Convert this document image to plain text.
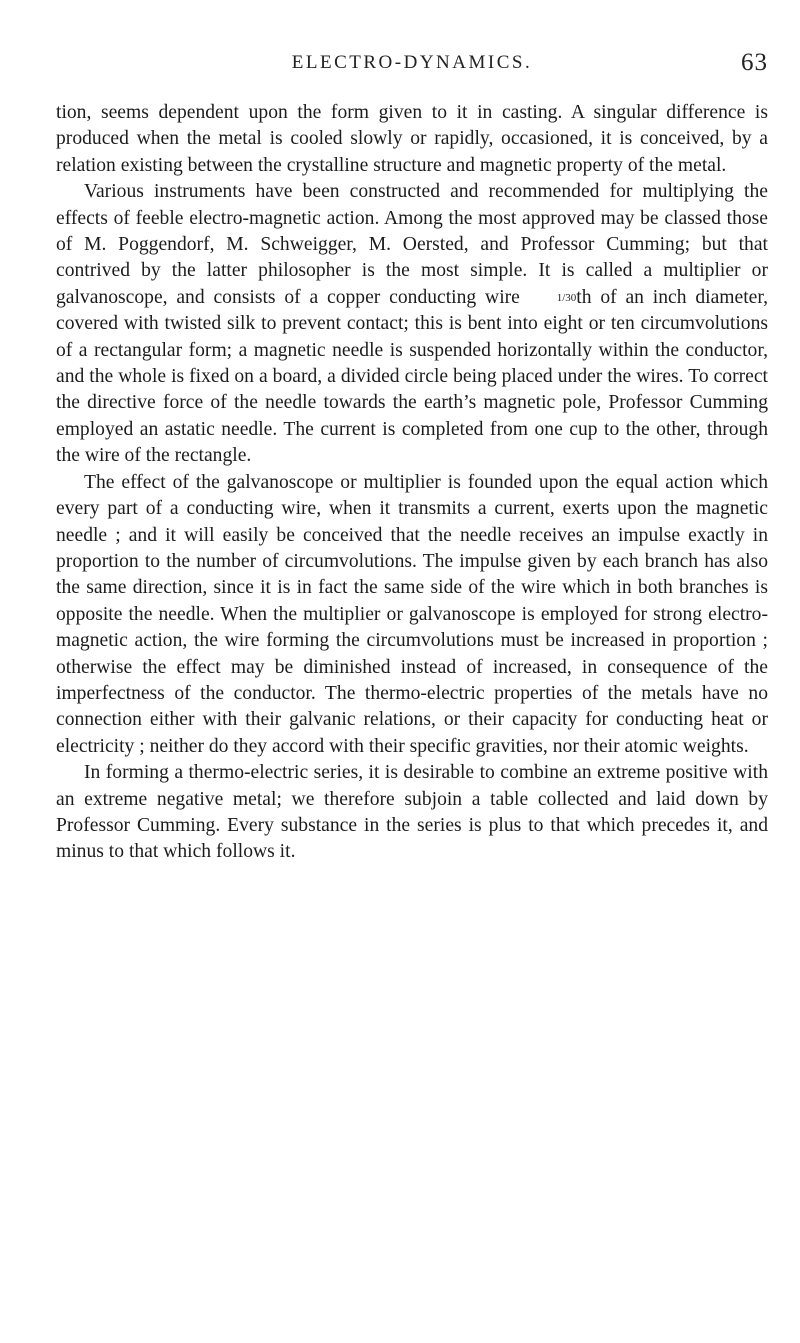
ELECTRO-DYNAMICS.	63

tion, seems dependent upon the form given to it in casting. A singular difference is produced when the metal is cooled slowly or rapidly, occasioned, it is conceived, by a relation existing between the crystalline structure and magnetic property of the metal.

Various instruments have been constructed and recommended for multiplying the effects of feeble electro-magnetic action. Among the most approved may be classed those of M. Poggendorf, M. Schweigger, M. Oersted, and Professor Cumming; but that contrived by the latter philosopher is the most simple. It is called a multiplier or galvanoscope, and consists of a copper conducting wire	1/30th of an inch diameter, covered with twisted silk to prevent contact; this is bent into eight or ten circumvolutions of a rectangular form; a magnetic needle is suspended horizontally within the conductor, and the whole is fixed on a board, a divided circle being placed under the wires. To correct the directive force of the needle towards the earth’s magnetic pole, Professor Cumming employed an astatic needle. The current is completed from one cup to the other, through the wire of the rectangle.

The effect of the galvanoscope or multiplier is founded upon the equal action which every part of a conducting wire, when it transmits a current, exerts upon the magnetic needle ; and it will easily be conceived that the needle receives an impulse exactly in proportion to the number of circumvolutions. The impulse given by each branch has also the same direction, since it is in fact the same side of the wire which in both branches is opposite the needle. When the multiplier or galvanoscope is employed for strong electro-magnetic action, the wire forming the circumvolutions must be increased in proportion ; otherwise the effect may be diminished instead of increased, in consequence of the imperfectness of the conductor. The thermo-electric properties of the metals have no connection either with their galvanic relations, or their capacity for conducting heat or electricity ; neither do they accord with their specific gravities, nor their atomic weights.

In forming a thermo-electric series, it is desirable to combine an extreme positive with an extreme negative metal; we therefore subjoin a table collected and laid down by Professor Cumming. Every substance in the series is plus to that which precedes it, and minus to that which follows it.
